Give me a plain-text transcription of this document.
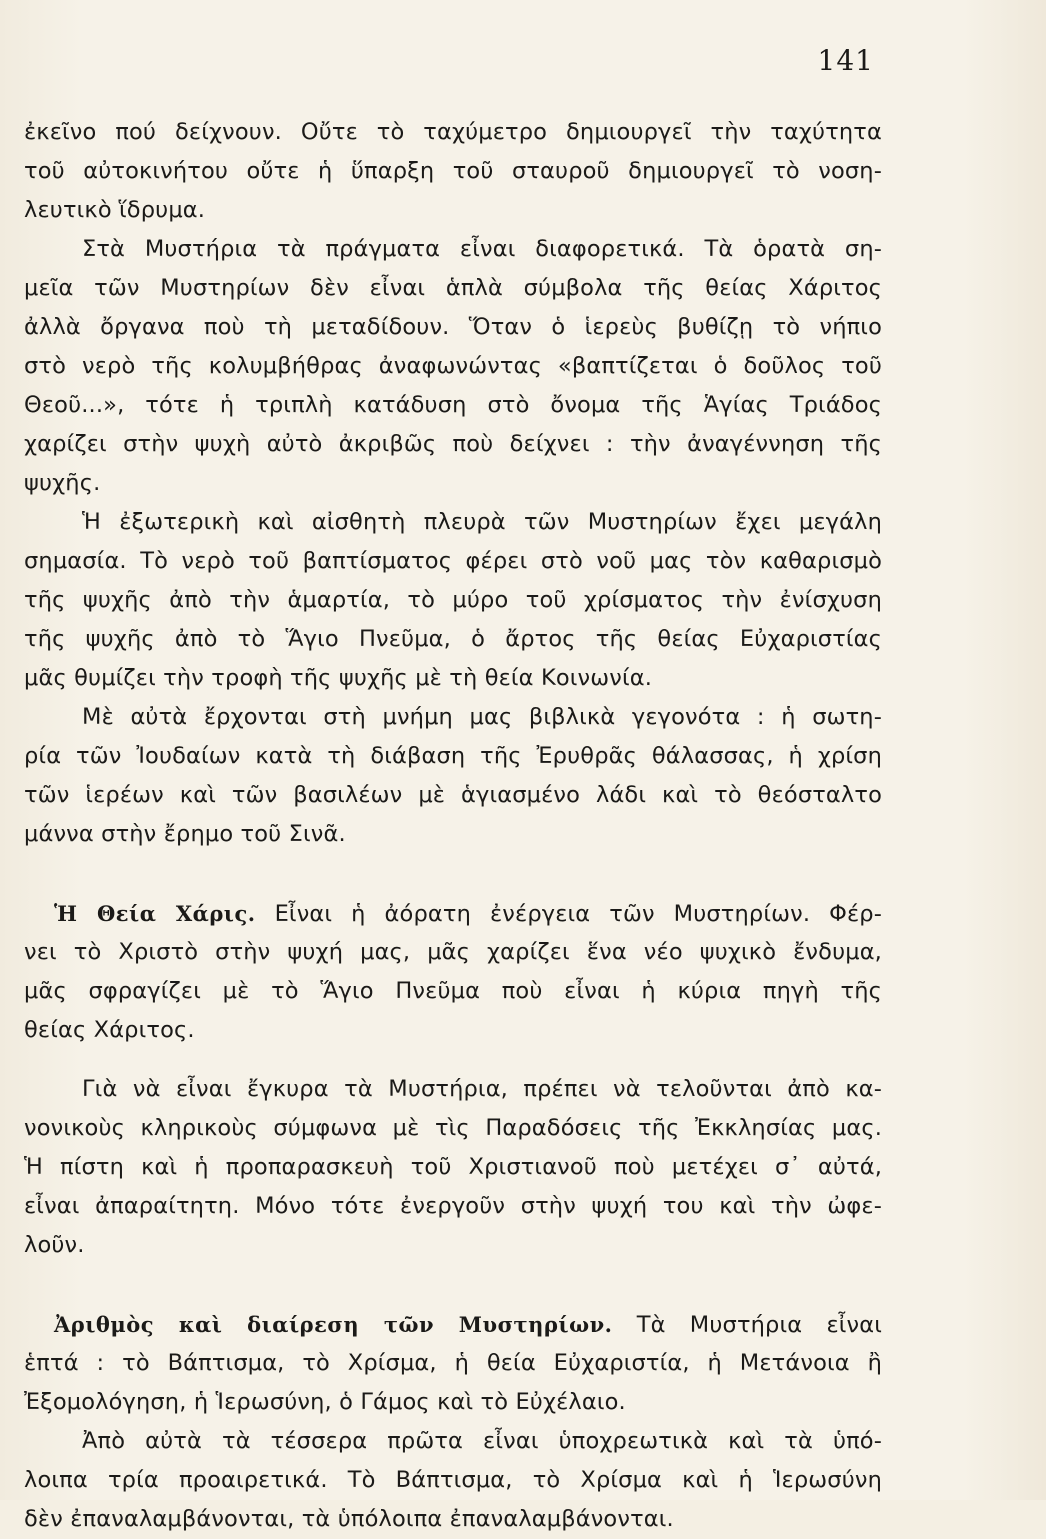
141
ἐκεῖνο πού δείχνουν. Οὔτε τὸ ταχύμετρο δημιουργεῖ τὴν ταχύτητα
τοῦ αὐτοκινήτου οὔτε ἡ ὕπαρξη τοῦ σταυροῦ δημιουργεῖ τὸ νοση-
λευτικὸ ἵδρυμα.
Στὰ Μυστήρια τὰ πράγματα εἶναι διαφορετικά. Τὰ ὁρατὰ ση-
μεῖα τῶν Μυστηρίων δὲν εἶναι ἁπλὰ σύμβολα τῆς θείας Χάριτος
ἀλλὰ ὄργανα ποὺ τὴ μεταδίδουν. Ὅταν ὁ ἱερεὺς βυθίζῃ τὸ νήπιο
στὸ νερὸ τῆς κολυμβήθρας ἀναφωνώντας «βαπτίζεται ὁ δοῦλος τοῦ
Θεοῦ...», τότε ἡ τριπλὴ κατάδυση στὸ ὄνομα τῆς Ἁγίας Τριάδος
χαρίζει στὴν ψυχὴ αὐτὸ ἀκριβῶς ποὺ δείχνει : τὴν ἀναγέννηση τῆς
ψυχῆς.
Ἡ ἐξωτερικὴ καὶ αἰσθητὴ πλευρὰ τῶν Μυστηρίων ἔχει μεγάλη
σημασία. Τὸ νερὸ τοῦ βαπτίσματος φέρει στὸ νοῦ μας τὸν καθαρισμὸ
τῆς ψυχῆς ἀπὸ τὴν ἁμαρτία, τὸ μύρο τοῦ χρίσματος τὴν ἐνίσχυση
τῆς ψυχῆς ἀπὸ τὸ Ἅγιο Πνεῦμα, ὁ ἄρτος τῆς θείας Εὐχαριστίας
μᾶς θυμίζει τὴν τροφὴ τῆς ψυχῆς μὲ τὴ θεία Κοινωνία.
Μὲ αὐτὰ ἔρχονται στὴ μνήμη μας βιβλικὰ γεγονότα : ἡ σωτη-
ρία τῶν Ἰουδαίων κατὰ τὴ διάβαση τῆς Ἐρυθρᾶς θάλασσας, ἡ χρίση
τῶν ἱερέων καὶ τῶν βασιλέων μὲ ἁγιασμένο λάδι καὶ τὸ θεόσταλτο
μάννα στὴν ἔρημο τοῦ Σινᾶ.
Ἡ Θεία Χάρις. Εἶναι ἡ ἀόρατη ἐνέργεια τῶν Μυστηρίων. Φέρ-
νει τὸ Χριστὸ στὴν ψυχή μας, μᾶς χαρίζει ἕνα νέο ψυχικὸ ἔνδυμα,
μᾶς σφραγίζει μὲ τὸ Ἅγιο Πνεῦμα ποὺ εἶναι ἡ κύρια πηγὴ τῆς
θείας Χάριτος.
Γιὰ νὰ εἶναι ἔγκυρα τὰ Μυστήρια, πρέπει νὰ τελοῦνται ἀπὸ κα-
νονικοὺς κληρικοὺς σύμφωνα μὲ τὶς Παραδόσεις τῆς Ἐκκλησίας μας.
Ἡ πίστη καὶ ἡ προπαρασκευὴ τοῦ Χριστιανοῦ ποὺ μετέχει σ᾿ αὐτά,
εἶναι ἀπαραίτητη. Μόνο τότε ἐνεργοῦν στὴν ψυχή του καὶ τὴν ὠφε-
λοῦν.
Ἀριθμὸς καὶ διαίρεση τῶν Μυστηρίων. Τὰ Μυστήρια εἶναι
ἑπτά : τὸ Βάπτισμα, τὸ Χρίσμα, ἡ θεία Εὐχαριστία, ἡ Μετάνοια ἢ
Ἐξομολόγηση, ἡ Ἱερωσύνη, ὁ Γάμος καὶ τὸ Εὐχέλαιο.
Ἀπὸ αὐτὰ τὰ τέσσερα πρῶτα εἶναι ὑποχρεωτικὰ καὶ τὰ ὑπό-
λοιπα τρία προαιρετικά. Τὸ Βάπτισμα, τὸ Χρίσμα καὶ ἡ Ἱερωσύνη
δὲν ἐπαναλαμβάνονται, τὰ ὑπόλοιπα ἐπαναλαμβάνονται.
